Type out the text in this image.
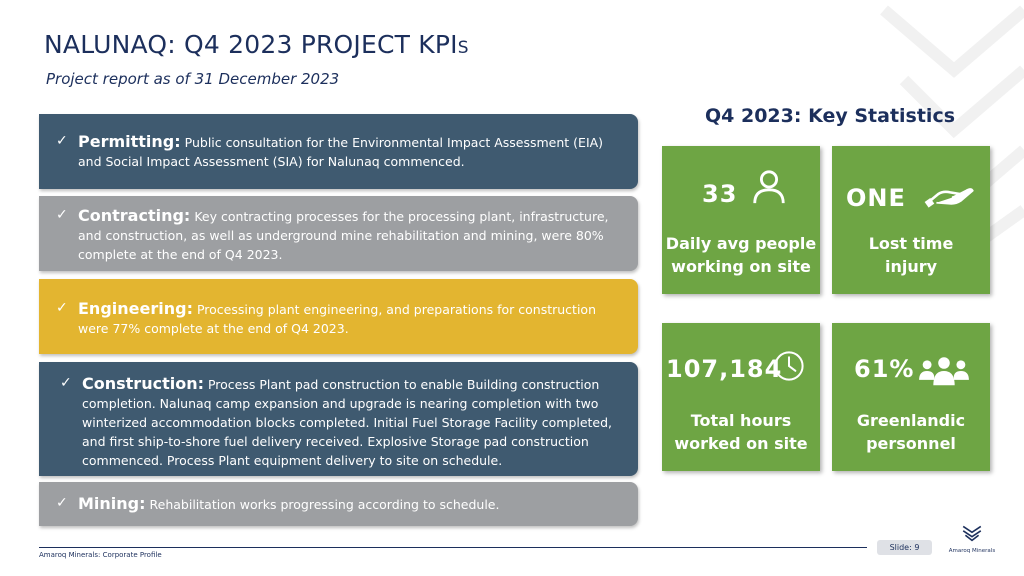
NALUNAQ: Q4 2023 PROJECT KPIS
Project report as of 31 December 2023
✓ Permitting: Public consultation for the Environmental Impact Assessment (EIA) and Social Impact Assessment (SIA) for Nalunaq commenced.
✓ Contracting: Key contracting processes for the processing plant, infrastructure, and construction, as well as underground mine rehabilitation and mining, were 80% complete at the end of Q4 2023.
✓ Engineering: Processing plant engineering, and preparations for construction were 77% complete at the end of Q4 2023.
✓ Construction: Process Plant pad construction to enable Building construction completion. Nalunaq camp expansion and upgrade is nearing completion with two winterized accommodation blocks completed. Initial Fuel Storage Facility completed, and first ship-to-shore fuel delivery received. Explosive Storage pad construction commenced. Process Plant equipment delivery to site on schedule.
✓ Mining: Rehabilitation works progressing according to schedule.
Q4 2023: Key Statistics
33
Daily avg people
working on site
ONE
Lost time
injury
107,184
Total hours
worked on site
61%
Greenlandic
personnel
Amaroq Minerals: Corporate Profile
Slide: 9	Amaroq Minerals
